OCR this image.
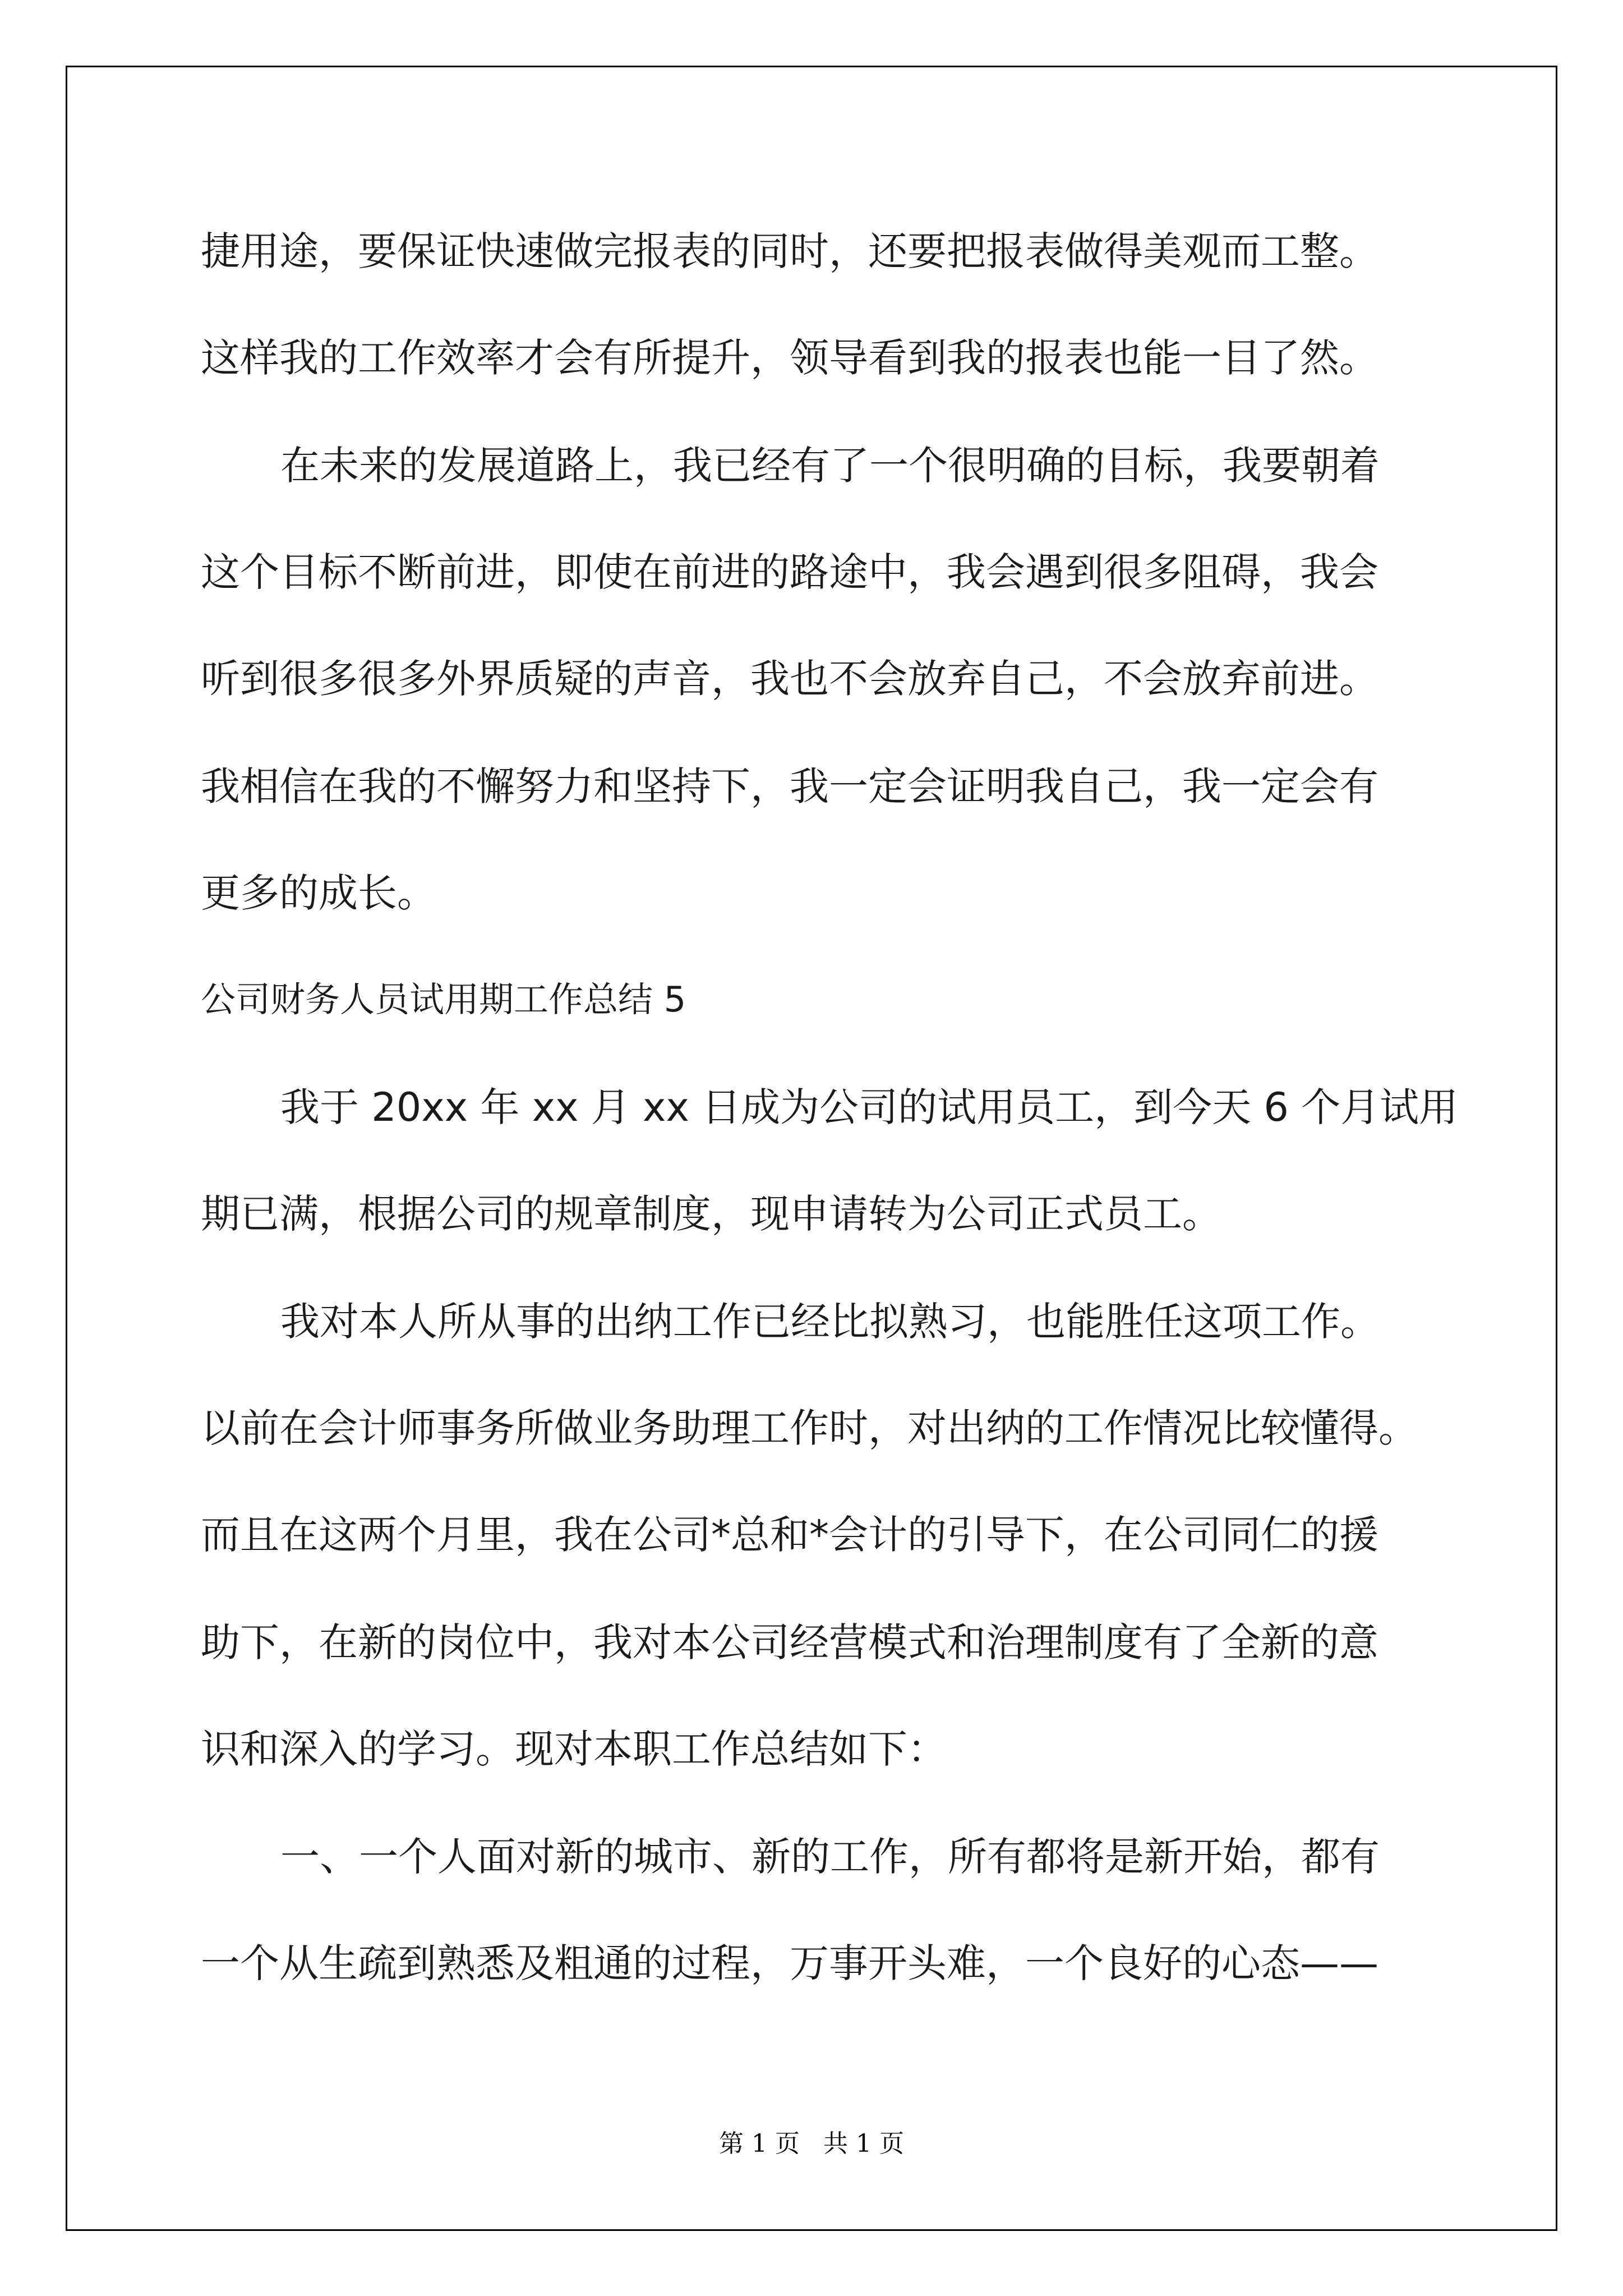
捷用途，要保证快速做完报表的同时，还要把报表做得美观而工整。
这样我的工作效率才会有所提升，领导看到我的报表也能一目了然。
在未来的发展道路上，我已经有了一个很明确的目标，我要朝着
这个目标不断前进，即使在前进的路途中，我会遇到很多阻碍，我会
听到很多很多外界质疑的声音，我也不会放弃自己，不会放弃前进。
我相信在我的不懈努力和坚持下，我一定会证明我自己，我一定会有
更多的成长。
公司财务人员试用期工作总结 5
我于 20xx 年 xx 月 xx 日成为公司的试用员工，到今天 6 个月试用
期已满，根据公司的规章制度，现申请转为公司正式员工。
我对本人所从事的出纳工作已经比拟熟习，也能胜任这项工作。
以前在会计师事务所做业务助理工作时，对出纳的工作情况比较懂得。
而且在这两个月里，我在公司*总和*会计的引导下，在公司同仁的援
助下，在新的岗位中，我对本公司经营模式和治理制度有了全新的意
识和深入的学习。现对本职工作总结如下：
一、一个人面对新的城市、新的工作，所有都将是新开始，都有
一个从生疏到熟悉及粗通的过程，万事开头难，一个良好的心态——
第 1 页 共 1 页
